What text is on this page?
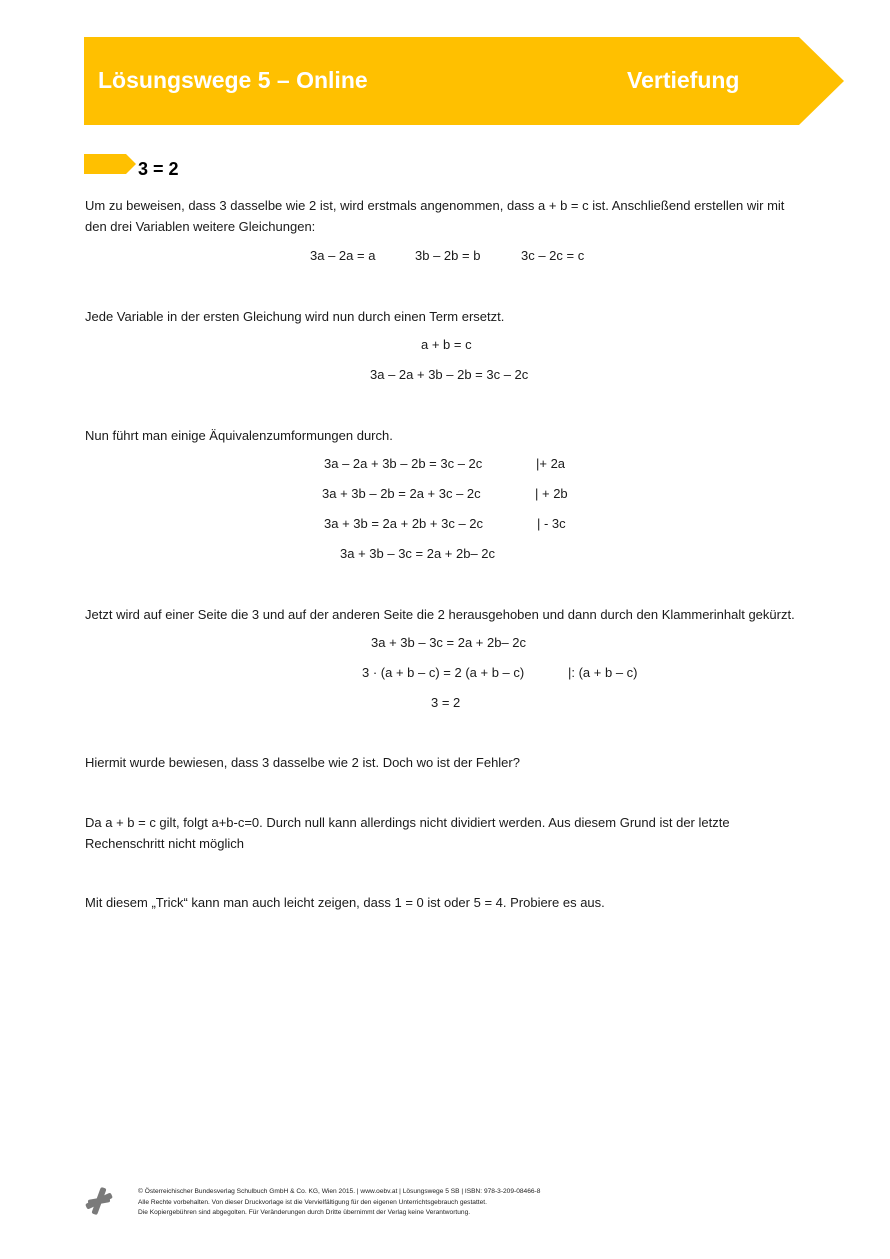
Lösungswege 5 – Online	Vertiefung
3 = 2
Um zu beweisen, dass 3 dasselbe wie 2 ist, wird erstmals angenommen, dass a + b = c ist. Anschließend erstellen wir mit den drei Variablen weitere Gleichungen:
3a – 2a = a	3b – 2b = b	3c – 2c = c
Jede Variable in der ersten Gleichung wird nun durch einen Term ersetzt.
a + b = c
3a – 2a + 3b – 2b = 3c – 2c
Nun führt man einige Äquivalenzumformungen durch.
3a – 2a + 3b – 2b = 3c – 2c	|+ 2a
3a + 3b – 2b = 2a + 3c – 2c	| + 2b
3a + 3b = 2a + 2b + 3c – 2c	| - 3c
3a + 3b – 3c = 2a + 2b– 2c
Jetzt wird auf einer Seite die 3 und auf der anderen Seite die 2 herausgehoben und dann durch den Klammerinhalt gekürzt.
3a + 3b – 3c = 2a + 2b– 2c
3 · (a + b – c) = 2 (a + b – c)	|: (a + b – c)
3 = 2
Hiermit wurde bewiesen, dass 3 dasselbe wie 2 ist. Doch wo ist der Fehler?
Da a + b = c gilt, folgt a+b-c=0. Durch null kann allerdings nicht dividiert werden. Aus diesem Grund ist der letzte Rechenschritt nicht möglich
Mit diesem „Trick“ kann man auch leicht zeigen, dass 1 = 0 ist oder 5 = 4. Probiere es aus.
© Österreichischer Bundesverlag Schulbuch GmbH & Co. KG, Wien 2015. | www.oebv.at | Lösungswege 5 SB | ISBN: 978-3-209-08466-8
Alle Rechte vorbehalten. Von dieser Druckvorlage ist die Vervielfältigung für den eigenen Unterrichtsgebrauch gestattet.
Die Kopiergebühren sind abgegolten. Für Veränderungen durch Dritte übernimmt der Verlag keine Verantwortung.
